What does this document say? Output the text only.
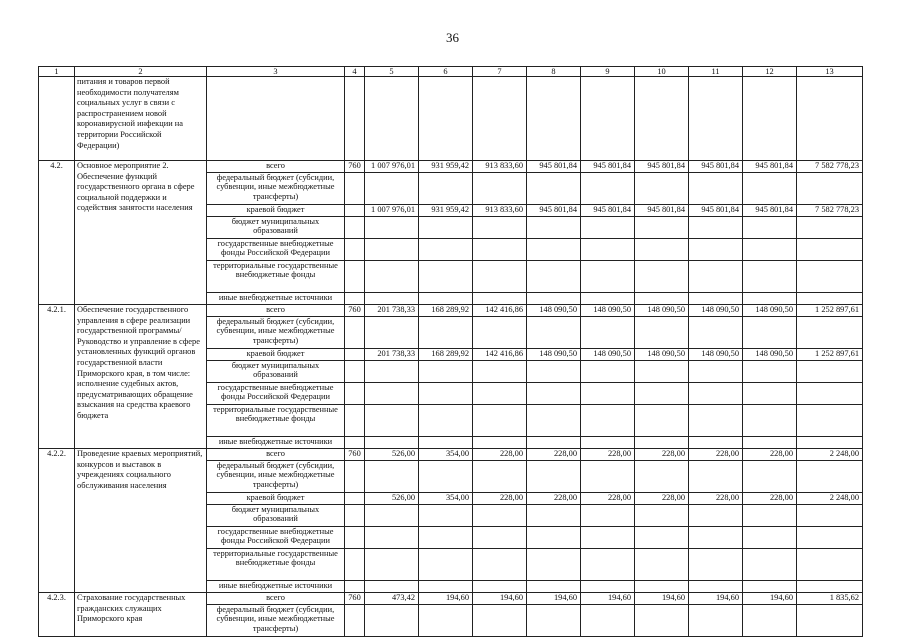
36
1	2	3	4	5	6	7	8	9	10	11	12	13
	питания и товаров первой необходимости получателям социальных услуг в связи с распространением новой коронавирусной инфекции на территории Российской Федерации)											
4.2.	Основное мероприятие 2. Обеспечение функций государственного органа в сфере социальной поддержки и содействия занятости населения	всего	760	1 007 976,01	931 959,42	913 833,60	945 801,84	945 801,84	945 801,84	945 801,84	945 801,84	7 582 778,23
		федеральный бюджет (субсидии, субвенции, иные межбюджетные трансферты)										
		краевой бюджет		1 007 976,01	931 959,42	913 833,60	945 801,84	945 801,84	945 801,84	945 801,84	945 801,84	7 582 778,23
		бюджет муниципальных образований										
		государственные внебюджетные фонды Российской Федерации										
		территориальные государственные внебюджетные фонды										
		иные внебюджетные источники										
4.2.1.	Обеспечение государственного управления в сфере реализации государственной программы/ Руководство и управление в сфере установленных функций органов государственной власти Приморского края, в том числе: исполнение судебных актов, предусматривающих обращение взыскания на средства краевого бюджета	всего	760	201 738,33	168 289,92	142 416,86	148 090,50	148 090,50	148 090,50	148 090,50	148 090,50	1 252 897,61
		федеральный бюджет (субсидии, субвенции, иные межбюджетные трансферты)										
		краевой бюджет		201 738,33	168 289,92	142 416,86	148 090,50	148 090,50	148 090,50	148 090,50	148 090,50	1 252 897,61
		бюджет муниципальных образований										
		государственные внебюджетные фонды Российской Федерации										
		территориальные государственные внебюджетные фонды										
		иные внебюджетные источники										
4.2.2.	Проведение краевых мероприятий, конкурсов и выставок в учреждениях социального обслуживания населения	всего	760	526,00	354,00	228,00	228,00	228,00	228,00	228,00	228,00	2 248,00
		федеральный бюджет (субсидии, субвенции, иные межбюджетные трансферты)										
		краевой бюджет		526,00	354,00	228,00	228,00	228,00	228,00	228,00	228,00	2 248,00
		бюджет муниципальных образований										
		государственные внебюджетные фонды Российской Федерации										
		территориальные государственные внебюджетные фонды										
		иные внебюджетные источники										
4.2.3.	Страхование государственных гражданских служащих Приморского края	всего	760	473,42	194,60	194,60	194,60	194,60	194,60	194,60	194,60	1 835,62
		федеральный бюджет (субсидии, субвенции, иные межбюджетные трансферты)										
